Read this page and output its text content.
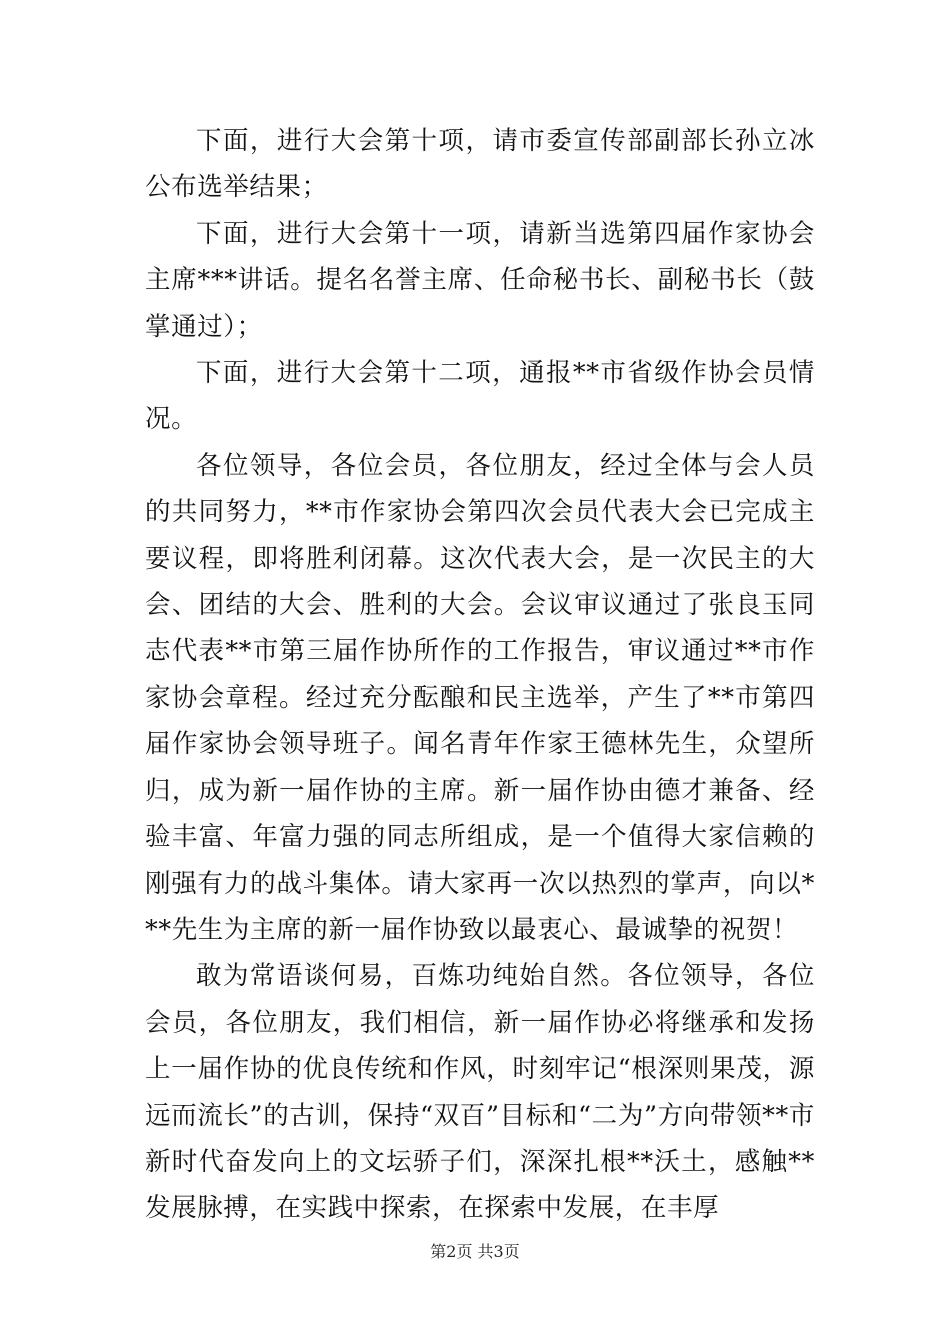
下面，进行大会第十项，请市委宣传部副部长孙立冰公布选举结果；

下面，进行大会第十一项，请新当选第四届作家协会主席***讲话。提名名誉主席、任命秘书长、副秘书长（鼓掌通过）；

下面，进行大会第十二项，通报**市省级作协会员情况。

各位领导，各位会员，各位朋友，经过全体与会人员的共同努力，**市作家协会第四次会员代表大会已完成主要议程，即将胜利闭幕。这次代表大会，是一次民主的大会、团结的大会、胜利的大会。会议审议通过了张良玉同志代表**市第三届作协所作的工作报告，审议通过**市作家协会章程。经过充分酝酿和民主选举，产生了**市第四届作家协会领导班子。闻名青年作家王德林先生，众望所归，成为新一届作协的主席。新一届作协由德才兼备、经验丰富、年富力强的同志所组成，是一个值得大家信赖的刚强有力的战斗集体。请大家再一次以热烈的掌声，向以***先生为主席的新一届作协致以最衷心、最诚挚的祝贺！

敢为常语谈何易，百炼功纯始自然。各位领导，各位会员，各位朋友，我们相信，新一届作协必将继承和发扬上一届作协的优良传统和作风，时刻牢记“根深则果茂，源远而流长”的古训，保持“双百”目标和“二为”方向带领**市新时代奋发向上的文坛骄子们，深深扎根**沃土，感触**发展脉搏，在实践中探索，在探索中发展，在丰厚

第2页 共3页
